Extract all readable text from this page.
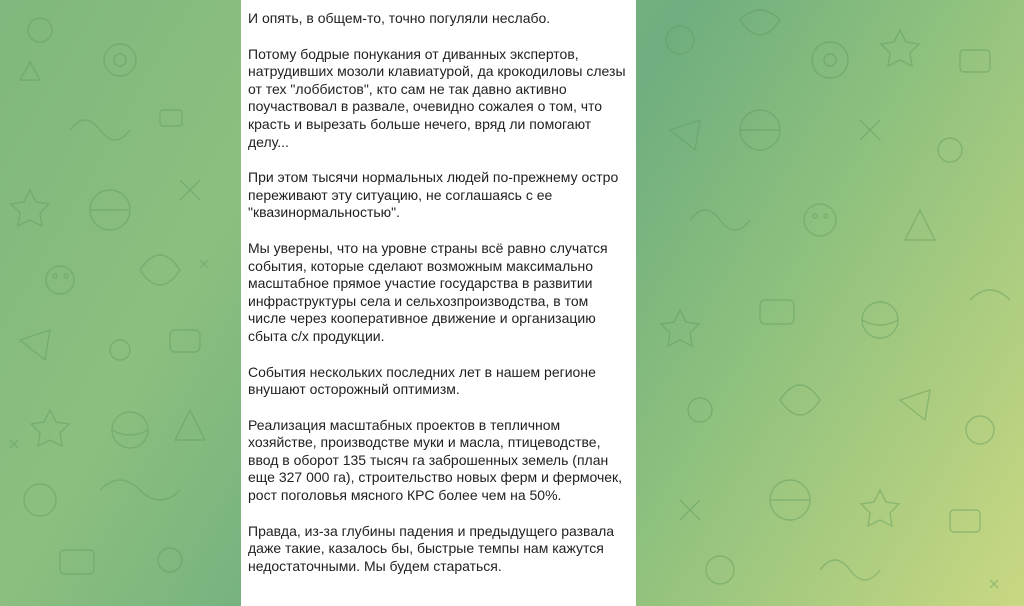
И опять, в общем-то, точно погуляли неслабо.

Потому бодрые понукания от диванных экспертов, натрудивших мозоли клавиатурой, да крокодиловы слезы от тех "лоббистов", кто сам не так давно активно поучаствовал в развале, очевидно сожалея о том, что красть и вырезать больше нечего, вряд ли помогают делу...

При этом тысячи нормальных людей по-прежнему остро переживают эту ситуацию, не соглашаясь с ее "квазинормальностью".

Мы уверены, что на уровне страны всё равно случатся события, которые сделают возможным максимально масштабное прямое участие государства в развитии инфраструктуры села и сельхозпроизводства, в том числе через кооперативное движение и организацию сбыта с/х продукции.

События нескольких последних лет в нашем регионе внушают осторожный оптимизм.

Реализация масштабных проектов в тепличном хозяйстве, производстве муки и масла, птицеводстве, ввод в оборот 135 тысяч га заброшенных земель (план еще 327 000 га), строительство новых ферм и фермочек, рост поголовья мясного КРС более чем на 50%.

Правда, из-за глубины падения и предыдущего развала даже такие, казалось бы, быстрые темпы нам кажутся недостаточными. Мы будем стараться.
